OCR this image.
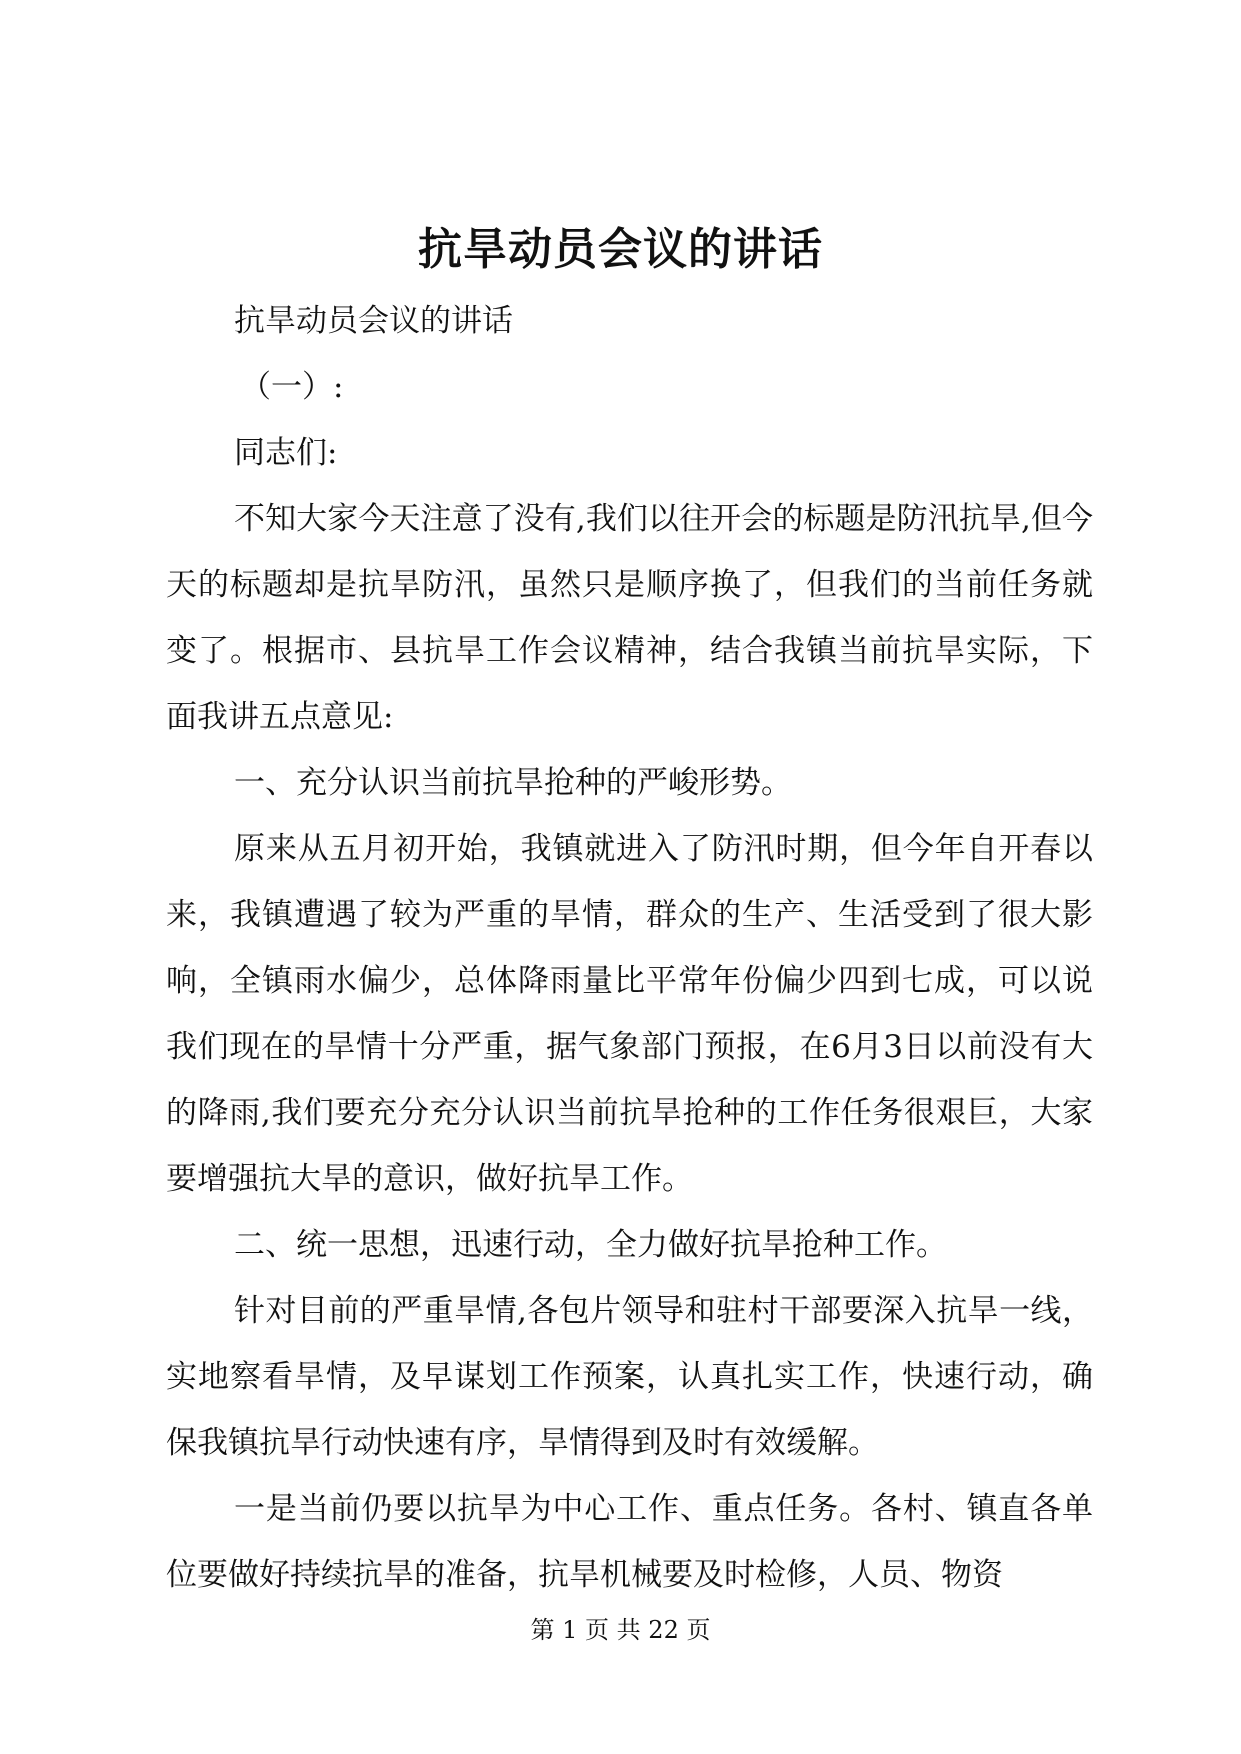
抗旱动员会议的讲话

抗旱动员会议的讲话

（一）:

同志们:

不知大家今天注意了没有,我们以往开会的标题是防汛抗旱,但今天的标题却是抗旱防汛，虽然只是顺序换了，但我们的当前任务就变了。根据市、县抗旱工作会议精神，结合我镇当前抗旱实际，下面我讲五点意见:

一、充分认识当前抗旱抢种的严峻形势。

原来从五月初开始，我镇就进入了防汛时期，但今年自开春以来，我镇遭遇了较为严重的旱情，群众的生产、生活受到了很大影响，全镇雨水偏少，总体降雨量比平常年份偏少四到七成，可以说我们现在的旱情十分严重，据气象部门预报，在6月3日以前没有大的降雨,我们要充分充分认识当前抗旱抢种的工作任务很艰巨，大家要增强抗大旱的意识，做好抗旱工作。

二、统一思想，迅速行动，全力做好抗旱抢种工作。

针对目前的严重旱情,各包片领导和驻村干部要深入抗旱一线，实地察看旱情，及早谋划工作预案，认真扎实工作，快速行动，确保我镇抗旱行动快速有序，旱情得到及时有效缓解。

一是当前仍要以抗旱为中心工作、重点任务。各村、镇直各单位要做好持续抗旱的准备，抗旱机械要及时检修，人员、物资

第 1 页 共 22 页
